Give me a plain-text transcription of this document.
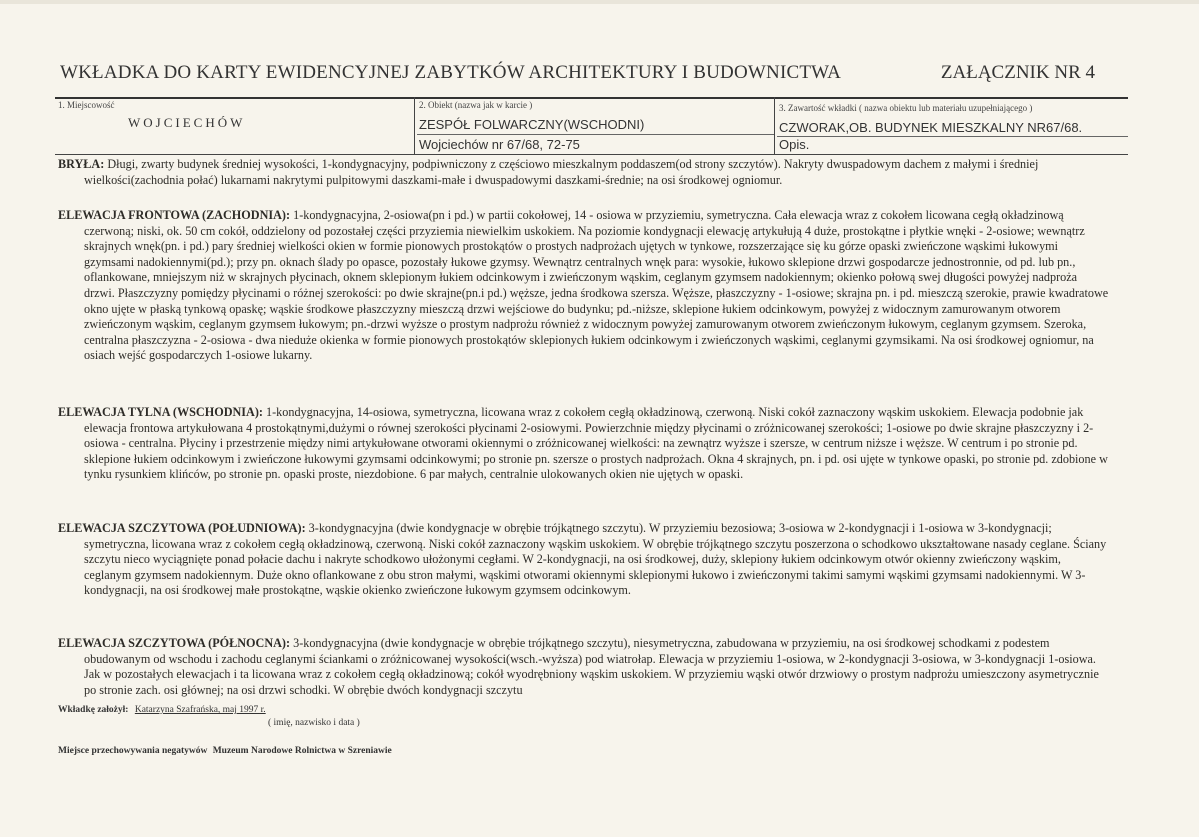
WKŁADKA DO KARTY EWIDENCYJNEJ ZABYTKÓW ARCHITEKTURY I BUDOWNICTWA	ZAŁĄCZNIK NR 4
1. Miejscowość
WOJCIECHÓW
2. Obiekt (nazwa jak w karcie )
ZESPÓŁ FOLWARCZNY(WSCHODNI)
Wojciechów nr 67/68, 72-75
3. Zawartość wkładki ( nazwa obiektu lub materiału uzupełniającego )
CZWORAK,OB. BUDYNEK MIESZKALNY NR67/68.
Opis.

BRYŁA: Długi, zwarty budynek średniej wysokości, 1-kondygnacyjny, podpiwniczony z częściowo mieszkalnym poddaszem(od strony szczytów). Nakryty dwuspadowym dachem z małymi i średniej wielkości(zachodnia połać) lukarnami nakrytymi pulpitowymi daszkami-małe i dwuspadowymi daszkami-średnie; na osi środkowej ogniomur.

ELEWACJA FRONTOWA (ZACHODNIA): 1-kondygnacyjna, 2-osiowa(pn i pd.) w partii cokołowej, 14 - osiowa w przyziemiu, symetryczna. Cała elewacja wraz z cokołem licowana cegłą okładzinową czerwoną; niski, ok. 50 cm cokół, oddzielony od pozostałej części przyziemia niewielkim uskokiem. Na poziomie kondygnacji elewację artykułują 4 duże, prostokątne i płytkie wnęki - 2-osiowe; wewnątrz skrajnych wnęk(pn. i pd.) pary średniej wielkości okien w formie pionowych prostokątów o prostych nadprożach ujętych w tynkowe, rozszerzające się ku górze opaski zwieńczone wąskimi łukowymi gzymsami nadokiennymi(pd.); przy pn. oknach ślady po opasce, pozostały łukowe gzymsy. Wewnątrz centralnych wnęk para: wysokie, łukowo sklepione drzwi gospodarcze jednostronnie, od pd. lub pn., oflankowane, mniejszym niż w skrajnych płycinach, oknem sklepionym łukiem odcinkowym i zwieńczonym wąskim, ceglanym gzymsem nadokiennym; okienko połową swej długości powyżej nadproża drzwi. Płaszczyzny pomiędzy płycinami o różnej szerokości: po dwie skrajne(pn.i pd.) węższe, jedna środkowa szersza. Węższe, płaszczyzny - 1-osiowe; skrajna pn. i pd. mieszczą szerokie, prawie kwadratowe okno ujęte w płaską tynkową opaskę; wąskie środkowe płaszczyzny mieszczą drzwi wejściowe do budynku; pd.-niższe, sklepione łukiem odcinkowym, powyżej z widocznym zamurowanym otworem zwieńczonym wąskim, ceglanym gzymsem łukowym; pn.-drzwi wyższe o prostym nadprożu również z widocznym powyżej zamurowanym otworem zwieńczonym łukowym, ceglanym gzymsem. Szeroka, centralna płaszczyzna - 2-osiowa - dwa nieduże okienka w formie pionowych prostokątów sklepionych łukiem odcinkowym i zwieńczonych wąskimi, ceglanymi gzymsikami. Na osi środkowej ogniomur, na osiach wejść gospodarczych 1-osiowe lukarny.

ELEWACJA TYLNA (WSCHODNIA): 1-kondygnacyjna, 14-osiowa, symetryczna, licowana wraz z cokołem cegłą okładzinową, czerwoną. Niski cokół zaznaczony wąskim uskokiem. Elewacja podobnie jak elewacja frontowa artykułowana 4 prostokątnymi,dużymi o równej szerokości płycinami 2-osiowymi. Powierzchnie między płycinami o zróżnicowanej szerokości; 1-osiowe po dwie skrajne płaszczyzny i 2-osiowa - centralna. Płyciny i przestrzenie między nimi artykułowane otworami okiennymi o zróżnicowanej wielkości: na zewnątrz wyższe i szersze, w centrum niższe i węższe. W centrum i po stronie pd. sklepione łukiem odcinkowym i zwieńczone łukowymi gzymsami odcinkowymi; po stronie pn. szersze o prostych nadprożach. Okna 4 skrajnych, pn. i pd. osi ujęte w tynkowe opaski, po stronie pd. zdobione w tynku rysunkiem klińców, po stronie pn. opaski proste, niezdobione. 6 par małych, centralnie ulokowanych okien nie ujętych w opaski.

ELEWACJA SZCZYTOWA (POŁUDNIOWA): 3-kondygnacyjna (dwie kondygnacje w obrębie trójkątnego szczytu). W przyziemiu bezosiowa; 3-osiowa w 2-kondygnacji i 1-osiowa w 3-kondygnacji; symetryczna, licowana wraz z cokołem cegłą okładzinową, czerwoną. Niski cokół zaznaczony wąskim uskokiem. W obrębie trójkątnego szczytu poszerzona o schodkowo ukształtowane nasady ceglane. Ściany szczytu nieco wyciągnięte ponad połacie dachu i nakryte schodkowo ułożonymi cegłami. W 2-kondygnacji, na osi środkowej, duży, sklepiony łukiem odcinkowym otwór okienny zwieńczony wąskim, ceglanym gzymsem nadokiennym. Duże okno oflankowane z obu stron małymi, wąskimi otworami okiennymi sklepionymi łukowo i zwieńczonymi takimi samymi wąskimi gzymsami nadokiennymi. W 3-kondygnacji, na osi środkowej małe prostokątne, wąskie okienko zwieńczone łukowym gzymsem odcinkowym.

ELEWACJA SZCZYTOWA (PÓŁNOCNA): 3-kondygnacyjna (dwie kondygnacje w obrębie trójkątnego szczytu), niesymetryczna, zabudowana w przyziemiu, na osi środkowej schodkami z podestem obudowanym od wschodu i zachodu ceglanymi ściankami o zróżnicowanej wysokości(wsch.-wyższa) pod wiatrołap. Elewacja w przyziemiu 1-osiowa, w 2-kondygnacji 3-osiowa, w 3-kondygnacji 1-osiowa. Jak w pozostałych elewacjach i ta licowana wraz z cokołem cegłą okładzinową; cokół wyodrębniony wąskim uskokiem. W przyziemiu wąski otwór drzwiowy o prostym nadprożu umieszczony asymetrycznie po stronie zach. osi głównej; na osi drzwi schodki. W obrębie dwóch kondygnacji szczytu

Wkładkę założył: Katarzyna Szafrańska, maj 1997 r.
( imię, nazwisko i data )
Miejsce przechowywania negatywów Muzeum Narodowe Rolnictwa w Szreniawie
